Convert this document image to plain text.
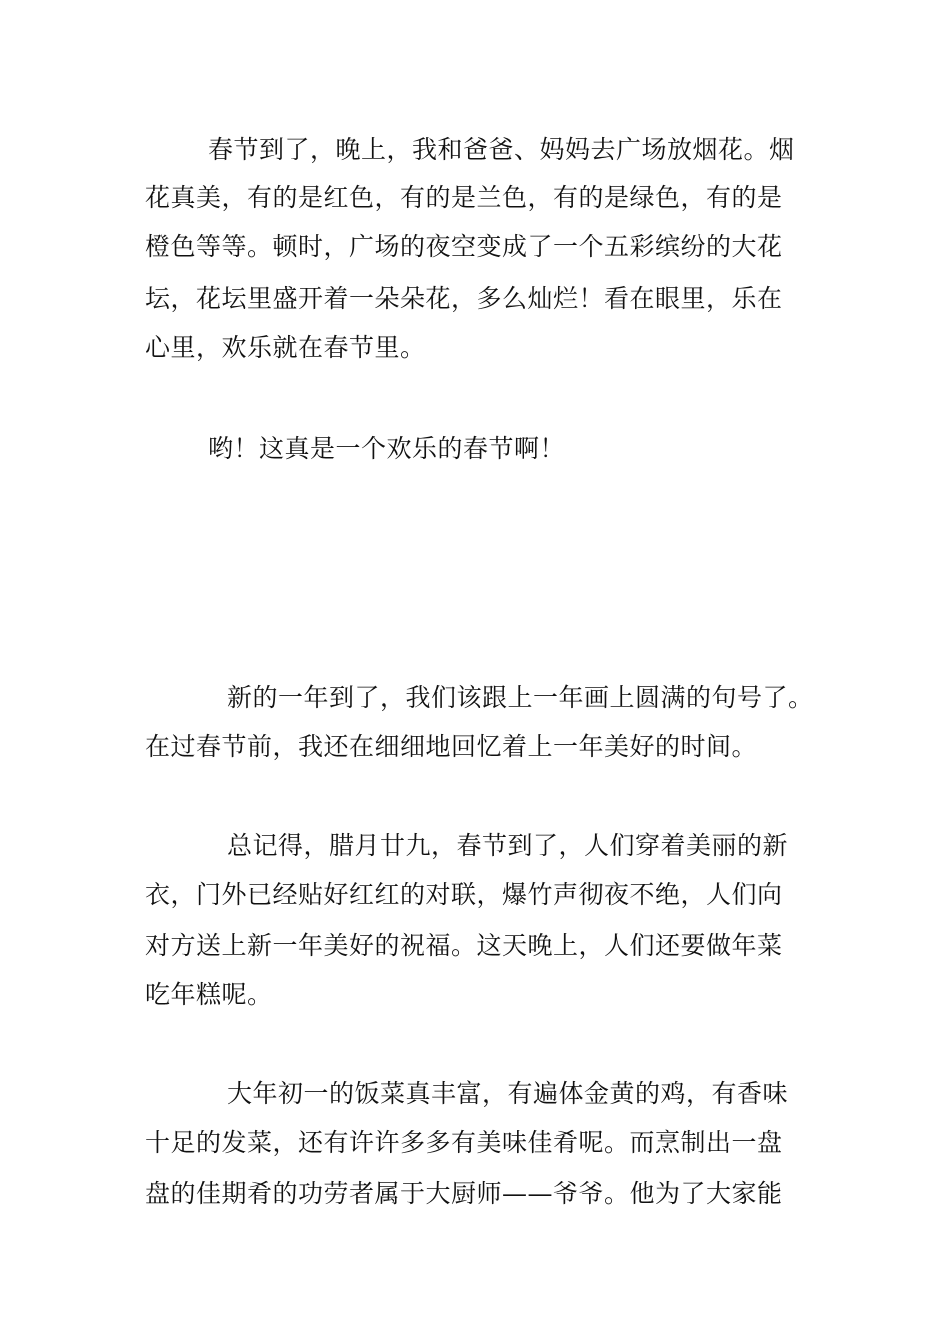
春节到了，晚上，我和爸爸、妈妈去广场放烟花。烟
花真美，有的是红色，有的是兰色，有的是绿色，有的是
橙色等等。顿时，广场的夜空变成了一个五彩缤纷的大花
坛，花坛里盛开着一朵朵花，多么灿烂！看在眼里，乐在
心里，欢乐就在春节里。
哟！这真是一个欢乐的春节啊！
新的一年到了，我们该跟上一年画上圆满的句号了。
在过春节前，我还在细细地回忆着上一年美好的时间。
总记得，腊月廿九，春节到了，人们穿着美丽的新
衣，门外已经贴好红红的对联，爆竹声彻夜不绝，人们向
对方送上新一年美好的祝福。这天晚上，人们还要做年菜
吃年糕呢。
大年初一的饭菜真丰富，有遍体金黄的鸡，有香味
十足的发菜，还有许许多多有美味佳肴呢。而烹制出一盘
盘的佳期肴的功劳者属于大厨师——爷爷。他为了大家能
